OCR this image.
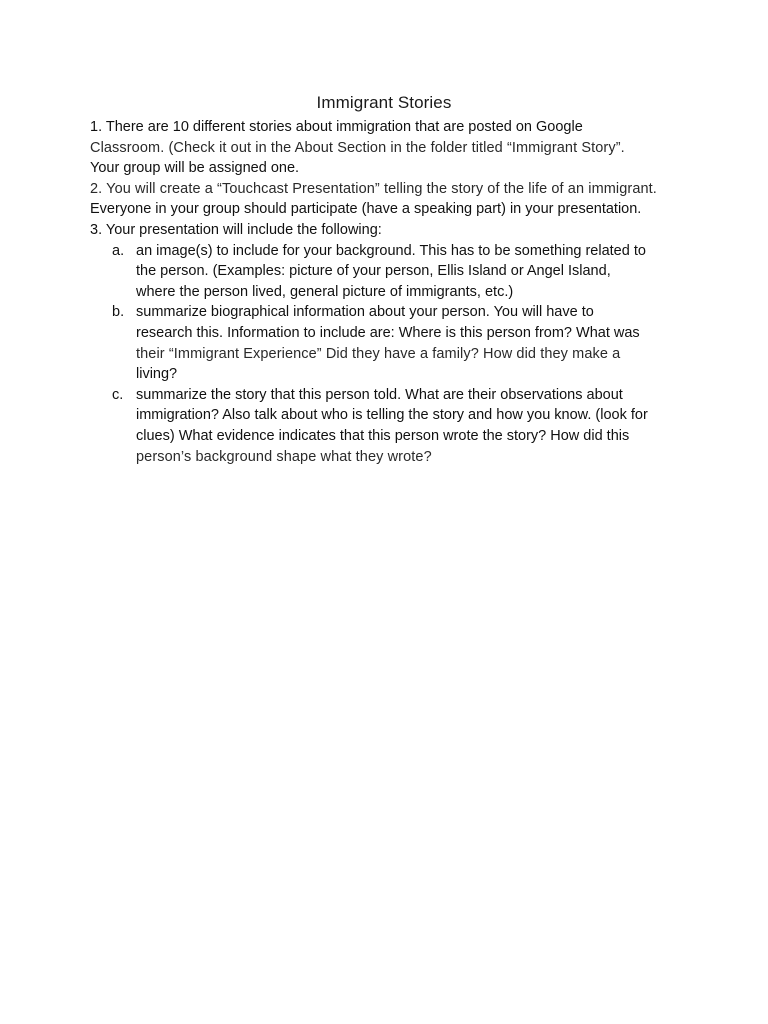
Immigrant Stories
1. There are 10 different stories about immigration that are posted on Google
Classroom. (Check it out in the About Section in the folder titled “Immigrant Story”.
Your group will be assigned one.
2. You will create a “Touchcast Presentation” telling the story of the life of an immigrant.
Everyone in your group should participate (have a speaking part) in your presentation.
3. Your presentation will include the following:
a. an image(s) to include for your background. This has to be something related to
the person. (Examples: picture of your person, Ellis Island or Angel Island,
where the person lived, general picture of immigrants, etc.)
b. summarize biographical information about your person. You will have to
research this. Information to include are: Where is this person from? What was
their “Immigrant Experience” Did they have a family? How did they make a
living?
c. summarize the story that this person told. What are their observations about
immigration? Also talk about who is telling the story and how you know. (look for
clues) What evidence indicates that this person wrote the story? How did this
person’s background shape what they wrote?
